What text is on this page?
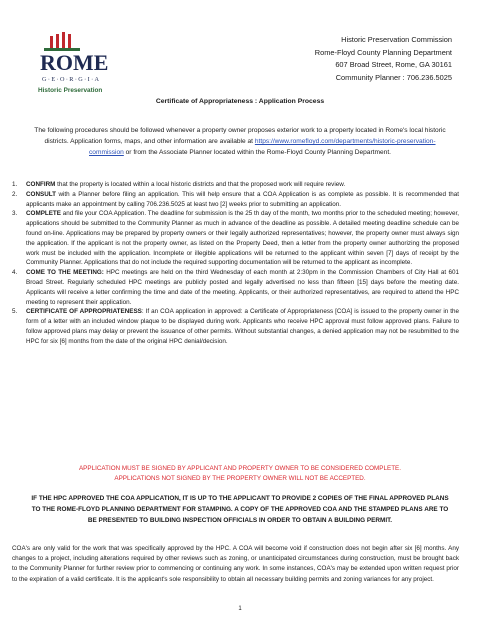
ROME
G·E·O·R·G·I·A
Historic Preservation
Historic Preservation Commission
Rome-Floyd County Planning Department
607 Broad Street, Rome, GA 30161
Community Planner : 706.236.5025
Certificate of Appropriateness : Application Process
The following procedures should be followed whenever a property owner proposes exterior work to a property located in Rome's local historic districts. Application forms, maps, and other information are available at https://www.romefloyd.com/departments/historic-preservation-commission or from the Associate Planner located within the Rome-Floyd County Planning Department.
1. CONFIRM that the property is located within a local historic districts and that the proposed work will require review.
2. CONSULT with a Planner before filing an application. This will help ensure that a COA Application is as complete as possible. It is recommended that applicants make an appointment by calling 706.236.5025 at least two [2] weeks prior to submitting an application.
3. COMPLETE and file your COA Application. The deadline for submission is the 25 th day of the month, two months prior to the scheduled meeting; however, applications should be submitted to the Community Planner as much in advance of the deadline as possible. A detailed meeting deadline schedule can be found on-line. Applications may be prepared by property owners or their legally authorized representatives; however, the property owner must always sign the application. If the applicant is not the property owner, as listed on the Property Deed, then a letter from the property owner authorizing the proposed work must be included with the application. Incomplete or illegible applications will be returned to the applicant within seven [7] days of receipt by the Community Planner. Applications that do not include the required supporting documentation will be returned to the applicant as incomplete.
4. COME TO THE MEETING: HPC meetings are held on the third Wednesday of each month at 2:30pm in the Commission Chambers of City Hall at 601 Broad Street. Regularly scheduled HPC meetings are publicly posted and legally advertised no less than fifteen [15] days before the meeting date. Applicants will receive a letter confirming the time and date of the meeting. Applicants, or their authorized representatives, are required to attend the HPC meeting to represent their application.
5. CERTIFICATE OF APPROPRIATENESS: If an COA application in approved: a Certificate of Appropriateness [COA] is issued to the property owner in the form of a letter with an included window plaque to be displayed during work. Applicants who receive HPC approval must follow approved plans. Failure to follow approved plans may delay or prevent the issuance of other permits. Without substantial changes, a denied application may not be resubmitted to the HPC for six [6] months from the date of the original HPC denial/decision.
APPLICATION MUST BE SIGNED BY APPLICANT AND PROPERTY OWNER TO BE CONSIDERED COMPLETE.
APPLICATIONS NOT SIGNED BY THE PROPERTY OWNER WILL NOT BE ACCEPTED.
IF THE HPC APPROVED THE COA APPLICATION, IT IS UP TO THE APPLICANT TO PROVIDE 2 COPIES OF THE FINAL APPROVED PLANS TO THE ROME-FLOYD PLANNING DEPARTMENT FOR STAMPING. A COPY OF THE APPROVED COA AND THE STAMPED PLANS ARE TO BE PRESENTED TO BUILDING INSPECTION OFFICIALS IN ORDER TO OBTAIN A BUILDING PERMIT.
COA's are only valid for the work that was specifically approved by the HPC. A COA will become void if construction does not begin after six [6] months. Any changes to a project, including alterations required by other reviews such as zoning, or unanticipated circumstances during construction, must be brought back to the Community Planner for further review prior to commencing or continuing any work. In some instances, COA's may be extended upon written request prior to the expiration of a valid certificate. It is the applicant's sole responsibility to obtain all necessary building permits and zoning variances for any project.
1
